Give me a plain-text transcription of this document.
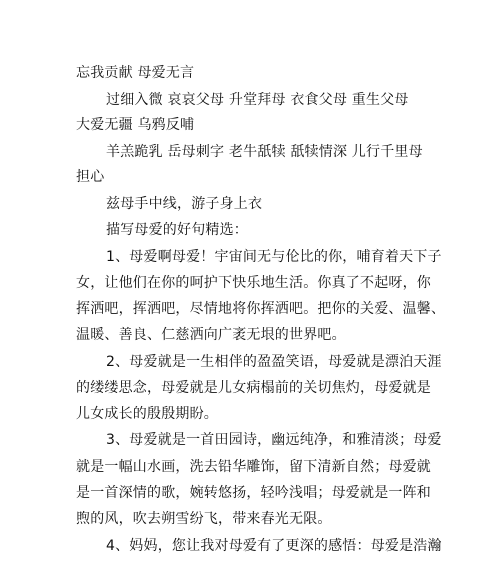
忘我贡献 母爱无言
过细入微 哀哀父母 升堂拜母 衣食父母 重生父母
大爱无疆 乌鸦反哺
羊羔跪乳 岳母刺字 老牛舐犊 舐犊情深 儿行千里母
担心
兹母手中线，游子身上衣
描写母爱的好句精选：
1、母爱啊母爱！宇宙间无与伦比的你，哺育着天下子
女，让他们在你的呵护下快乐地生活。你真了不起呀，你
挥洒吧，挥洒吧，尽情地将你挥洒吧。把你的关爱、温馨、
温暖、善良、仁慈洒向广袤无垠的世界吧。
2、母爱就是一生相伴的盈盈笑语，母爱就是漂泊天涯
的缕缕思念，母爱就是儿女病榻前的关切焦灼，母爱就是
儿女成长的殷殷期盼。
3、母爱就是一首田园诗，幽远纯净，和雅清淡；母爱
就是一幅山水画，洗去铅华雕饰，留下清新自然；母爱就
是一首深情的歌，婉转悠扬，轻吟浅唱；母爱就是一阵和
煦的风，吹去朔雪纷飞，带来春光无限。
4、妈妈，您让我对母爱有了更深的感悟：母爱是浩瀚
